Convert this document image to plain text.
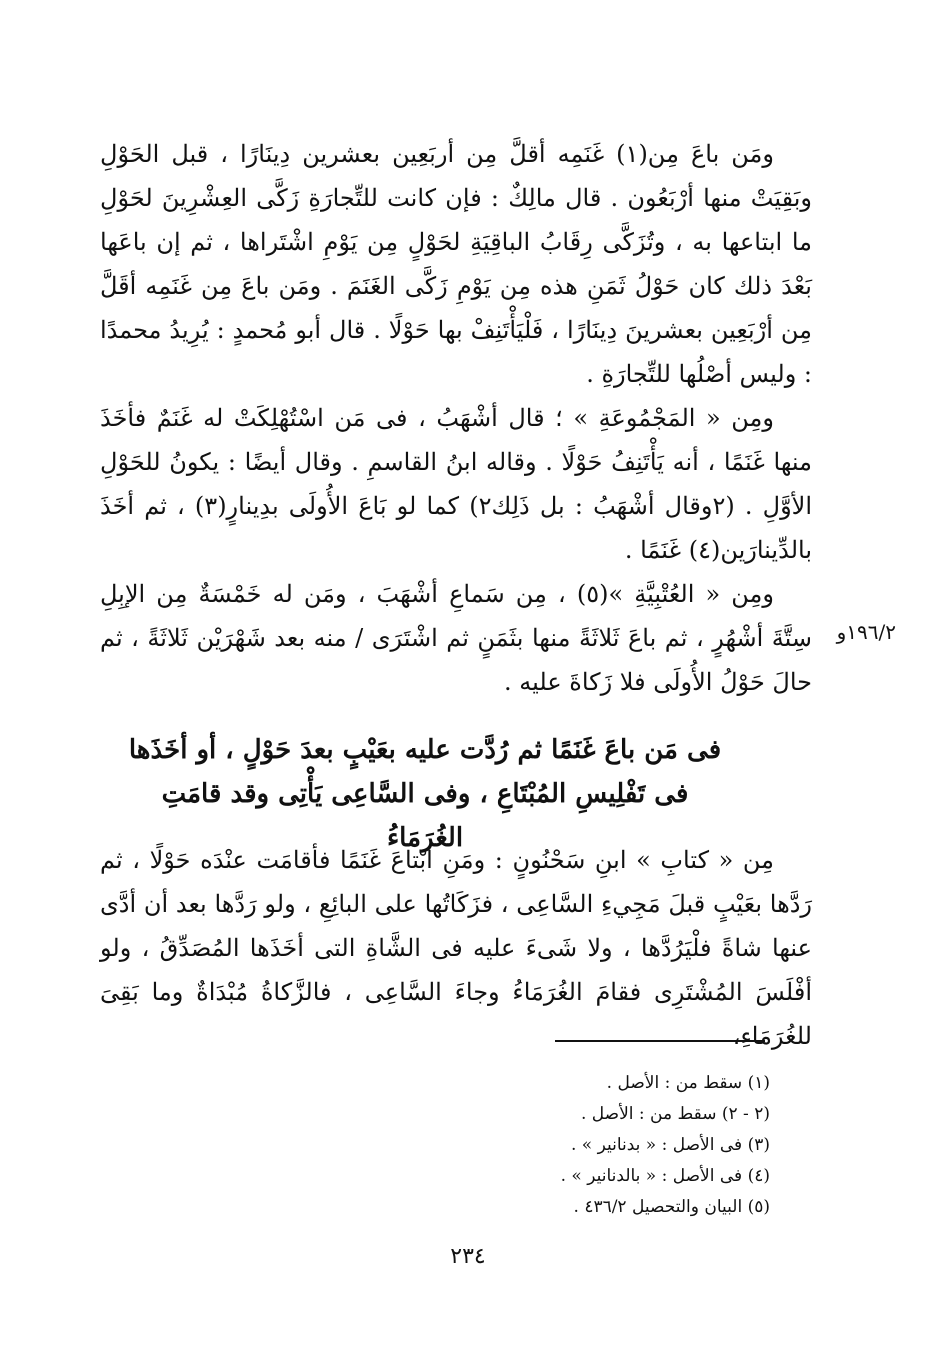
ومَن باعَ مِن(١) غَنَمِه أقلَّ مِن أربَعِين بعشرين دِينَارًا ، قبل الحَوْلِ وبَقِيَتْ منها أرْبَعُون . قال مالِكٌ : فإن كانت للتِّجارَةِ زَكَّى العِشْرِينَ لحَوْلِ ما ابتاعها به ، وتُزَكَّى رِقَابُ الباقِيَةِ لحَوْلٍ مِن يَوْمِ اشْتَراها ، ثم إن باعَها بَعْدَ ذلك كان حَوْلُ ثَمَنِ هذه مِن يَوْمِ زَكَّى الغَنَمَ . ومَن باعَ مِن غَنَمِه أقَلَّ مِن أرْبَعِين بعشرينَ دِينَارًا ، فَلْيَأْتَنِفْ بها حَوْلًا . قال أبو مُحمدٍ : يُرِيدُ محمدًا : وليس أصْلُها للتِّجارَةِ .

ومِن « المَجْمُوعَةِ » ؛ قال أشْهَبُ ، فى مَن اسْتُهْلِكَتْ له غَنَمٌ فأخَذَ منها غَنَمًا ، أنه يَأْتَنِفُ حَوْلًا . وقاله ابنُ القاسمِ . وقال أيضًا : يكونُ للحَوْلِ الأوَّلِ . (٢وقال أشْهَبُ : بل ذَلِك٢) كما لو بَاعَ الأُولَى بدِينارٍ(٣) ، ثم أخَذَ بالدِّينارَين(٤) غَنَمًا .

ومِن « العُتْبِيَّةِ »(٥) ، مِن سَماعِ أشْهَبَ ، ومَن له خَمْسَةٌ مِن الإبِلِ سِتَّةَ أشْهُرٍ ، ثم باعَ ثَلاثَةً منها بثَمَنٍ ثم اشْتَرَى / منه بعد شَهْرَيْن ثَلاثَةً ، ثم حالَ حَوْلُ الأُولَى فلا زَكاةَ عليه .

١٩٦/٢و
فى مَن باعَ غَنَمًا ثم رُدَّت عليه بعَيْبٍ بعدَ حَوْلٍ ، أو أخَذَها
فى تَفْلِيسِ المُبْتَاعِ ، وفى السَّاعِى يَأْتِى وقد قامَتِ الغُرَمَاءُ

مِن « كتابِ » ابنِ سَحْنُونٍ : ومَنِ ابْتاعَ غَنَمًا فأقامَت عنْدَه حَوْلًا ، ثم رَدَّها بعَيْبٍ قبلَ مَجِيءِ السَّاعِى ، فزَكَاتُها على البائِعِ ، ولو رَدَّها بعد أن أدَّى عنها شاةً فلْيَرُدَّها ، ولا شَىءَ عليه فى الشَّاةِ التى أخَذَها المُصَدِّقُ ، ولو أفْلَسَ المُشْتَرِى فقامَ الغُرَمَاءُ وجاءَ السَّاعِى ، فالزَّكاةُ مُبْدَاةٌ وما بَقِىَ للغُرَمَاءِ،

(١) سقط من : الأصل .
(٢ - ٢) سقط من : الأصل .
(٣) فى الأصل : « بدنانير » .
(٤) فى الأصل : « بالدنانير » .
(٥) البيان والتحصيل ٤٣٦/٢ .
٢٣٤
